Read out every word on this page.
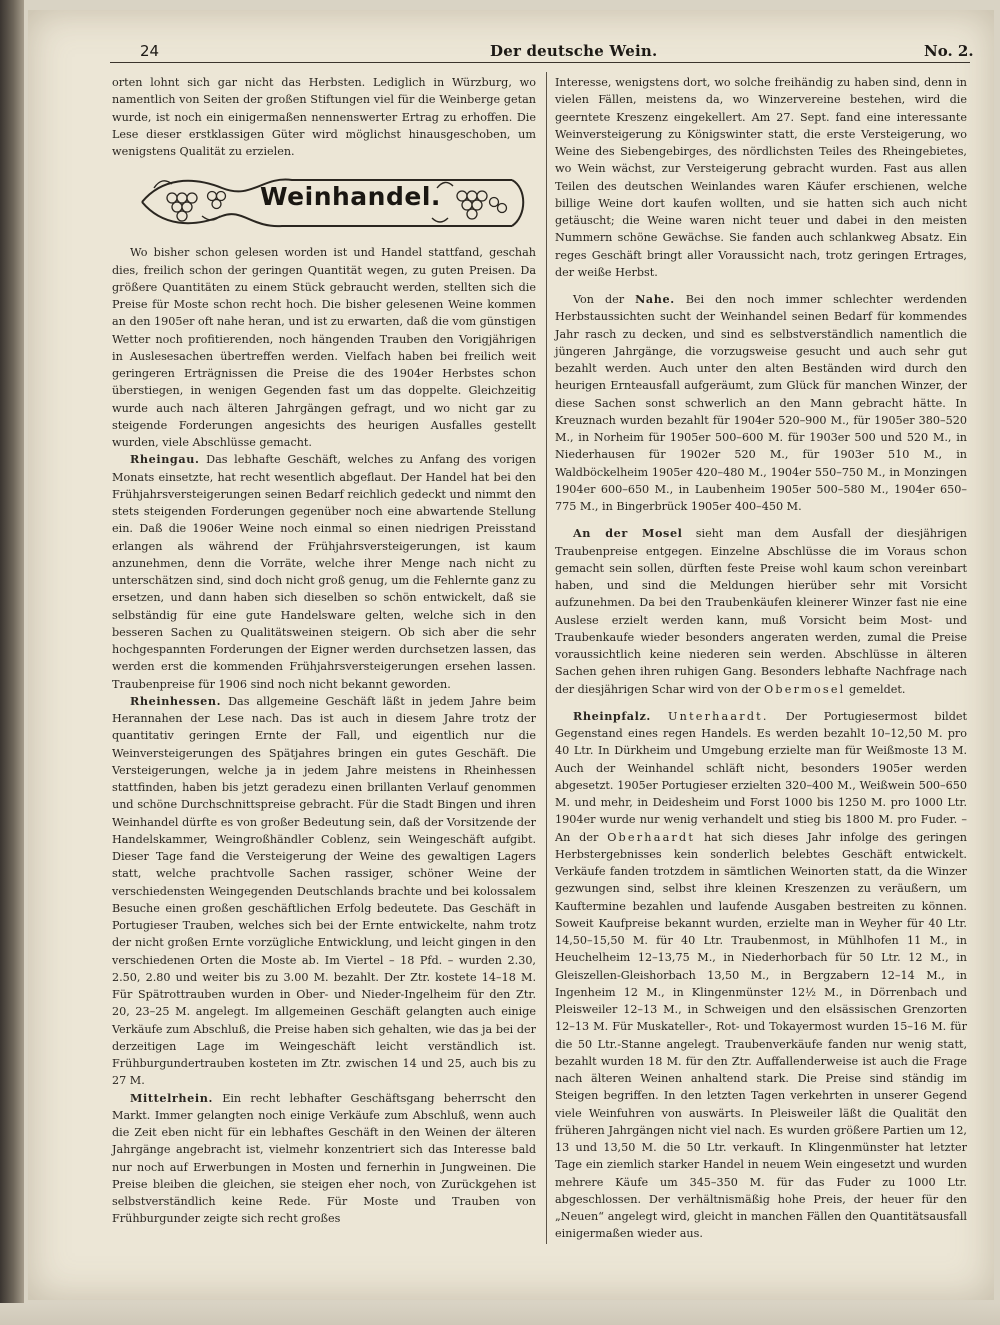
24	Der deutsche Wein.	No. 2.

orten lohnt sich gar nicht das Herbsten. Lediglich in Würzburg, wo namentlich von Seiten der großen Stiftungen viel für die Weinberge getan wurde, ist noch ein einigermaßen nennenswerter Ertrag zu erhoffen. Die Lese dieser erstklassigen Güter wird möglichst hinausgeschoben, um wenigstens Qualität zu erzielen.

Weinhandel.

Wo bisher schon gelesen worden ist und Handel stattfand, geschah dies, freilich schon der geringen Quantität wegen, zu guten Preisen. Da größere Quantitäten zu einem Stück gebraucht werden, stellten sich die Preise für Moste schon recht hoch. Die bisher gelesenen Weine kommen an den 1905er oft nahe heran, und ist zu erwarten, daß die vom günstigen Wetter noch profitierenden, noch hängenden Trauben den Vorigjährigen in Auslesesachen übertreffen werden. Vielfach haben bei freilich weit geringeren Erträgnissen die Preise die des 1904er Herbstes schon überstiegen, in wenigen Gegenden fast um das doppelte. Gleichzeitig wurde auch nach älteren Jahrgängen gefragt, und wo nicht gar zu steigende Forderungen angesichts des heurigen Ausfalles gestellt wurden, viele Abschlüsse gemacht.

Rheingau. Das lebhafte Geschäft, welches zu Anfang des vorigen Monats einsetzte, hat recht wesentlich abgeflaut. Der Handel hat bei den Frühjahrsversteigerungen seinen Bedarf reichlich gedeckt und nimmt den stets steigenden Forderungen gegenüber noch eine abwartende Stellung ein. Daß die 1906er Weine noch einmal so einen niedrigen Preisstand erlangen als während der Frühjahrsversteigerungen, ist kaum anzunehmen, denn die Vorräte, welche ihrer Menge nach nicht zu unterschätzen sind, sind doch nicht groß genug, um die Fehlernte ganz zu ersetzen, und dann haben sich dieselben so schön entwickelt, daß sie selbständig für eine gute Handelsware gelten, welche sich in den besseren Sachen zu Qualitätsweinen steigern. Ob sich aber die sehr hochgespannten Forderungen der Eigner werden durchsetzen lassen, das werden erst die kommenden Frühjahrsversteigerungen ersehen lassen. Traubenpreise für 1906 sind noch nicht bekannt geworden.

Rheinhessen. Das allgemeine Geschäft läßt in jedem Jahre beim Herannahen der Lese nach. Das ist auch in diesem Jahre trotz der quantitativ geringen Ernte der Fall, und eigentlich nur die Weinversteigerungen des Spätjahres bringen ein gutes Geschäft. Die Versteigerungen, welche ja in jedem Jahre meistens in Rheinhessen stattfinden, haben bis jetzt geradezu einen brillanten Verlauf genommen und schöne Durchschnittspreise gebracht. Für die Stadt Bingen und ihren Weinhandel dürfte es von großer Bedeutung sein, daß der Vorsitzende der Handelskammer, Weingroßhändler Coblenz, sein Weingeschäft aufgibt. Dieser Tage fand die Versteigerung der Weine des gewaltigen Lagers statt, welche prachtvolle Sachen rassiger, schöner Weine der verschiedensten Weingegenden Deutschlands brachte und bei kolossalem Besuche einen großen geschäftlichen Erfolg bedeutete. Das Geschäft in Portugieser Trauben, welches sich bei der Ernte entwickelte, nahm trotz der nicht großen Ernte vorzügliche Entwicklung, und leicht gingen in den verschiedenen Orten die Moste ab. Im Viertel – 18 Pfd. – wurden 2.30, 2.50, 2.80 und weiter bis zu 3.00 M. bezahlt. Der Ztr. kostete 14–18 M. Für Spätrottrauben wurden in Ober- und Nieder-Ingelheim für den Ztr. 20, 23–25 M. angelegt. Im allgemeinen Geschäft gelangten auch einige Verkäufe zum Abschluß, die Preise haben sich gehalten, wie das ja bei der derzeitigen Lage im Weingeschäft leicht verständlich ist. Frühburgundertrauben kosteten im Ztr. zwischen 14 und 25, auch bis zu 27 M.

Mittelrhein. Ein recht lebhafter Geschäftsgang beherrscht den Markt. Immer gelangten noch einige Verkäufe zum Abschluß, wenn auch die Zeit eben nicht für ein lebhaftes Geschäft in den Weinen der älteren Jahrgänge angebracht ist, vielmehr konzentriert sich das Interesse bald nur noch auf Erwerbungen in Mosten und fernerhin in Jungweinen. Die Preise bleiben die gleichen, sie steigen eher noch, von Zurückgehen ist selbstverständlich keine Rede. Für Moste und Trauben von Frühburgunder zeigte sich recht großes

Interesse, wenigstens dort, wo solche freihändig zu haben sind, denn in vielen Fällen, meistens da, wo Winzervereine bestehen, wird die geerntete Kreszenz eingekellert. Am 27. Sept. fand eine interessante Weinversteigerung zu Königswinter statt, die erste Versteigerung, wo Weine des Siebengebirges, des nördlichsten Teiles des Rheingebietes, wo Wein wächst, zur Versteigerung gebracht wurden. Fast aus allen Teilen des deutschen Weinlandes waren Käufer erschienen, welche billige Weine dort kaufen wollten, und sie hatten sich auch nicht getäuscht; die Weine waren nicht teuer und dabei in den meisten Nummern schöne Gewächse. Sie fanden auch schlankweg Absatz. Ein reges Geschäft bringt aller Voraussicht nach, trotz geringen Ertrages, der weiße Herbst.

Von der Nahe. Bei den noch immer schlechter werdenden Herbstaussichten sucht der Weinhandel seinen Bedarf für kommendes Jahr rasch zu decken, und sind es selbstverständlich namentlich die jüngeren Jahrgänge, die vorzugsweise gesucht und auch sehr gut bezahlt werden. Auch unter den alten Beständen wird durch den heurigen Ernteausfall aufgeräumt, zum Glück für manchen Winzer, der diese Sachen sonst schwerlich an den Mann gebracht hätte. In Kreuznach wurden bezahlt für 1904er 520–900 M., für 1905er 380–520 M., in Norheim für 1905er 500–600 M. für 1903er 500 und 520 M., in Niederhausen für 1902er 520 M., für 1903er 510 M., in Waldböckelheim 1905er 420–480 M., 1904er 550–750 M., in Monzingen 1904er 600–650 M., in Laubenheim 1905er 500–580 M., 1904er 650–775 M., in Bingerbrück 1905er 400–450 M.

An der Mosel sieht man dem Ausfall der diesjährigen Traubenpreise entgegen. Einzelne Abschlüsse die im Voraus schon gemacht sein sollen, dürften feste Preise wohl kaum schon vereinbart haben, und sind die Meldungen hierüber sehr mit Vorsicht aufzunehmen. Da bei den Traubenkäufen kleinerer Winzer fast nie eine Auslese erzielt werden kann, muß Vorsicht beim Most- und Traubenkaufe wieder besonders angeraten werden, zumal die Preise voraussichtlich keine niederen sein werden. Abschlüsse in älteren Sachen gehen ihren ruhigen Gang. Besonders lebhafte Nachfrage nach der diesjährigen Schar wird von der Obermosel gemeldet.

Rheinpfalz. Unterhaardt. Der Portugiesermost bildet Gegenstand eines regen Handels. Es werden bezahlt 10–12,50 M. pro 40 Ltr. In Dürkheim und Umgebung erzielte man für Weißmoste 13 M. Auch der Weinhandel schläft nicht, besonders 1905er werden abgesetzt. 1905er Portugieser erzielten 320–400 M., Weißwein 500–650 M. und mehr, in Deidesheim und Forst 1000 bis 1250 M. pro 1000 Ltr. 1904er wurde nur wenig verhandelt und stieg bis 1800 M. pro Fuder. – An der Oberhaardt hat sich dieses Jahr infolge des geringen Herbstergebnisses kein sonderlich belebtes Geschäft entwickelt. Verkäufe fanden trotzdem in sämtlichen Weinorten statt, da die Winzer gezwungen sind, selbst ihre kleinen Kreszenzen zu veräußern, um Kauftermine bezahlen und laufende Ausgaben bestreiten zu können. Soweit Kaufpreise bekannt wurden, erzielte man in Weyher für 40 Ltr. 14,50–15,50 M. für 40 Ltr. Traubenmost, in Mühlhofen 11 M., in Heuchelheim 12–13,75 M., in Niederhorbach für 50 Ltr. 12 M., in Gleiszellen-Gleishorbach 13,50 M., in Bergzabern 12–14 M., in Ingenheim 12 M., in Klingenmünster 12½ M., in Dörrenbach und Pleisweiler 12–13 M., in Schweigen und den elsässischen Grenzorten 12–13 M. Für Muskateller-, Rot- und Tokayermost wurden 15–16 M. für die 50 Ltr.-Stanne angelegt. Traubenverkäufe fanden nur wenig statt, bezahlt wurden 18 M. für den Ztr. Auffallenderweise ist auch die Frage nach älteren Weinen anhaltend stark. Die Preise sind ständig im Steigen begriffen. In den letzten Tagen verkehrten in unserer Gegend viele Weinfuhren von auswärts. In Pleisweiler läßt die Qualität den früheren Jahrgängen nicht viel nach. Es wurden größere Partien um 12, 13 und 13,50 M. die 50 Ltr. verkauft. In Klingenmünster hat letzter Tage ein ziemlich starker Handel in neuem Wein eingesetzt und wurden mehrere Käufe um 345–350 M. für das Fuder zu 1000 Ltr. abgeschlossen. Der verhältnismäßig hohe Preis, der heuer für den „Neuen“ angelegt wird, gleicht in manchen Fällen den Quantitätsausfall einigermaßen wieder aus.
